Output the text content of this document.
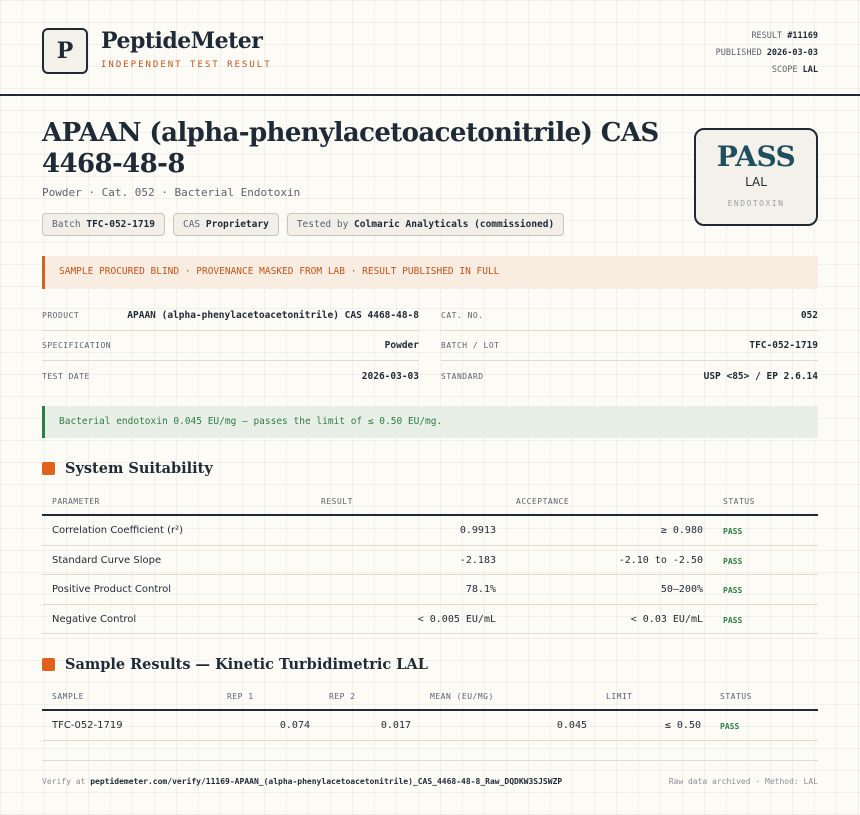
P	PeptideMeter
INDEPENDENT TEST RESULT
RESULT #11169
PUBLISHED 2026-03-03
SCOPE LAL
APAAN (alpha-phenylacetoacetonitrile) CAS 4468-48-8
Powder · Cat. 052 · Bacterial Endotoxin
Batch TFC-052-1719	CAS Proprietary	Tested by Colmaric Analyticals (commissioned)
PASS
LAL
ENDOTOXIN
SAMPLE PROCURED BLIND · PROVENANCE MASKED FROM LAB · RESULT PUBLISHED IN FULL
PRODUCT	APAAN (alpha-phenylacetoacetonitrile) CAS 4468-48-8
SPECIFICATION	Powder
TEST DATE	2026-03-03
CAT. NO.	052
BATCH / LOT	TFC-052-1719
STANDARD	USP <85> / EP 2.6.14
Bacterial endotoxin 0.045 EU/mg — passes the limit of ≤ 0.50 EU/mg.
System Suitability
PARAMETER	RESULT	ACCEPTANCE	STATUS
Correlation Coefficient (r²)	0.9913	≥ 0.980	PASS
Standard Curve Slope	-2.183	-2.10 to -2.50	PASS
Positive Product Control	78.1%	50–200%	PASS
Negative Control	< 0.005 EU/mL	< 0.03 EU/mL	PASS
Sample Results — Kinetic Turbidimetric LAL
SAMPLE	REP 1	REP 2	MEAN (EU/MG)	LIMIT	STATUS
TFC-052-1719	0.074	0.017	0.045	≤ 0.50 PASS
Verify at peptidemeter.com/verify/11169-APAAN_(alpha-phenylacetoacetonitrile)_CAS_4468-48-8_Raw_DQDKW3SJSWZP	Raw data archived · Method: LAL
